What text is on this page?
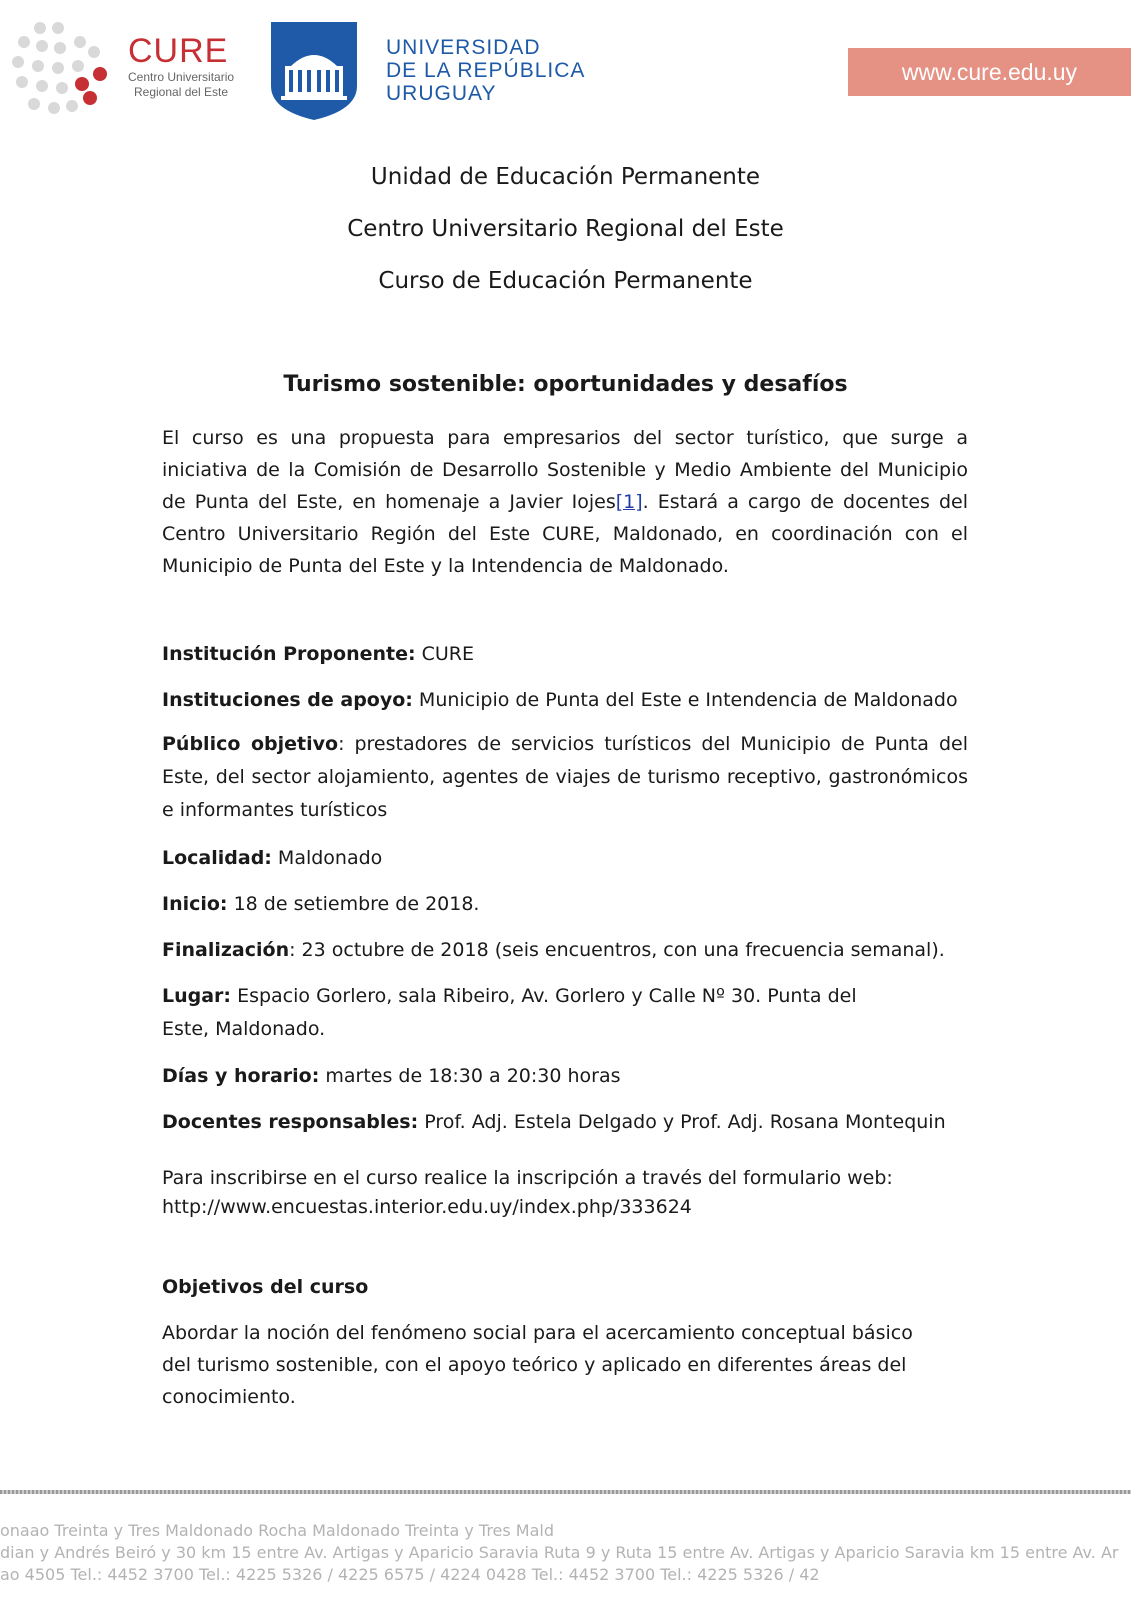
CURE
Centro Universitario
Regional del Este
UNIVERSIDAD
DE LA REPÚBLICA
URUGUAY
www.cure.edu.uy
Unidad de Educación Permanente
Centro Universitario Regional del Este
Curso de Educación Permanente
Turismo sostenible: oportunidades y desafíos
El curso es una propuesta para empresarios del sector turístico, que surge a iniciativa de la Comisión de Desarrollo Sostenible y Medio Ambiente del Municipio de Punta del Este, en homenaje a Javier Iojes[1]. Estará a cargo de docentes del Centro Universitario Región del Este CURE, Maldonado, en coordinación con el Municipio de Punta del Este y la Intendencia de Maldonado.
Institución Proponente: CURE
Instituciones de apoyo: Municipio de Punta del Este e Intendencia de Maldonado
Público objetivo: prestadores de servicios turísticos del Municipio de Punta del Este, del sector alojamiento, agentes de viajes de turismo receptivo, gastronómicos e informantes turísticos
Localidad: Maldonado
Inicio: 18 de setiembre de 2018.
Finalización: 23 octubre de 2018 (seis encuentros, con una frecuencia semanal).
Lugar: Espacio Gorlero, sala Ribeiro, Av. Gorlero y Calle Nº 30. Punta del Este, Maldonado.
Días y horario: martes de 18:30 a 20:30 horas
Docentes responsables: Prof. Adj. Estela Delgado y Prof. Adj. Rosana Montequin
Para inscribirse en el curso realice la inscripción a través del formulario web:
http://www.encuestas.interior.edu.uy/index.php/333624
Objetivos del curso
Abordar la noción del fenómeno social para el acercamiento conceptual básico del turismo sostenible, con el apoyo teórico y aplicado en diferentes áreas del conocimiento.
onaao Treinta y Tres Maldonado Rocha Maldonado Treinta y Tres Mald
dian y Andrés Beiró y 30 km 15 entre Av. Artigas y Aparicio Saravia Ruta 9 y Ruta 15 entre Av. Artigas y Aparicio Saravia km 15 entre Av. Ar
ao 4505 Tel.: 4452 3700 Tel.: 4225 5326 / 4225 6575 / 4224 0428 Tel.: 4452 3700 Tel.: 4225 5326 / 42
